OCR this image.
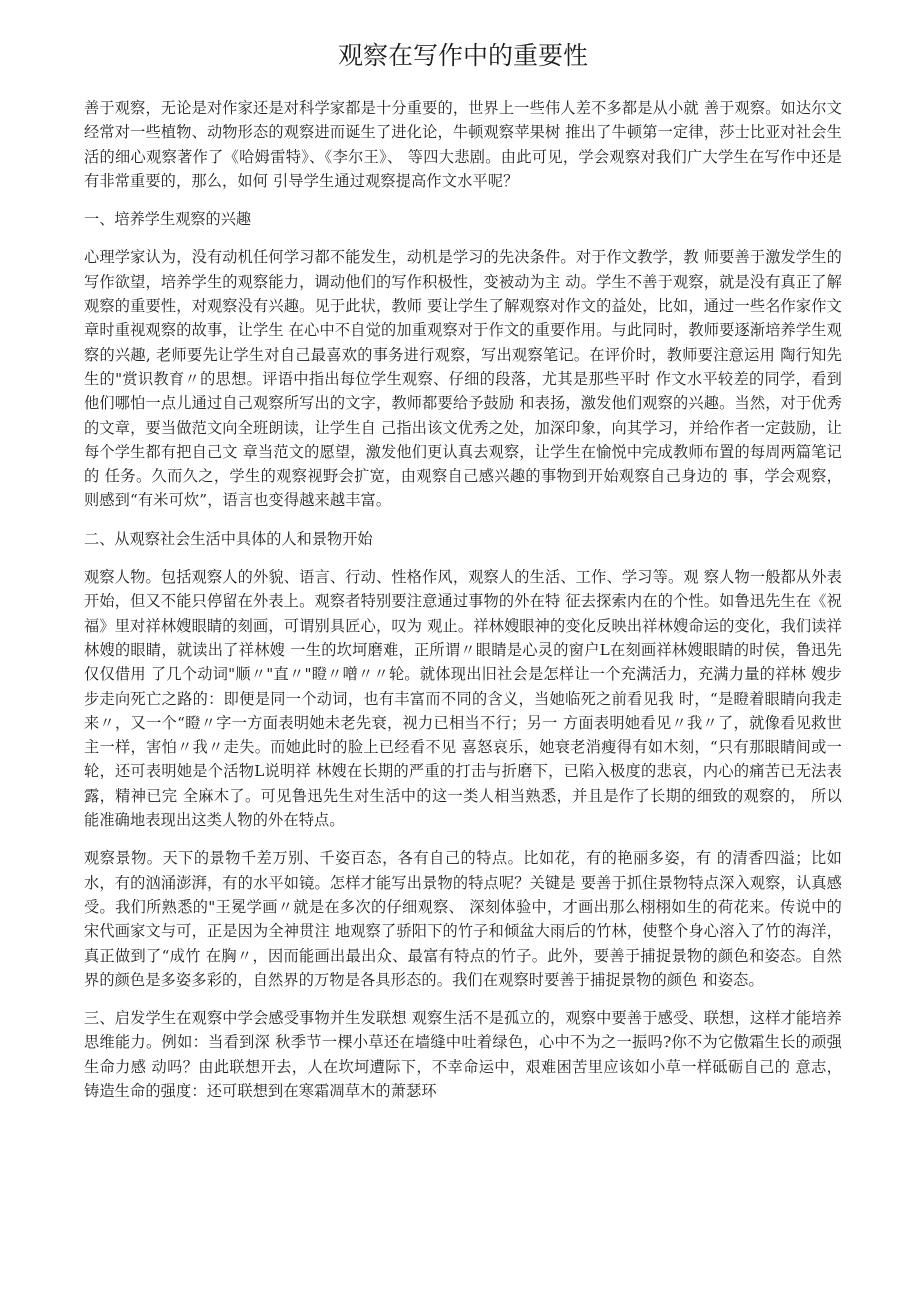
观察在写作中的重要性

善于观察，无论是对作家还是对科学家都是十分重要的，世界上一些伟人差不多都是从小就 善于观察。如达尔文经常对一些植物、动物形态的观察进而诞生了进化论，牛顿观察苹果树 推出了牛顿第一定律，莎士比亚对社会生活的细心观察著作了《哈姆雷特》、《李尔王》、 等四大悲剧。由此可见，学会观察对我们广大学生在写作中还是有非常重要的，那么，如何 引导学生通过观察提高作文水平呢？

一、培养学生观察的兴趣

心理学家认为，没有动机任何学习都不能发生，动机是学习的先决条件。对于作文教学，教 师要善于激发学生的写作欲望，培养学生的观察能力，调动他们的写作积极性，变被动为主 动。学生不善于观察，就是没有真正了解观察的重要性，对观察没有兴趣。见于此状，教师 要让学生了解观察对作文的益处，比如，通过一些名作家作文章时重视观察的故事，让学生 在心中不自觉的加重观察对于作文的重要作用。与此同时，教师要逐渐培养学生观察的兴趣, 老师要先让学生对自己最喜欢的事务进行观察，写出观察笔记。在评价时，教师要注意运用 陶行知先生的"赏识教育〃的思想。评语中指出每位学生观察、仔细的段落，尤其是那些平时 作文水平较差的同学，看到他们哪怕一点儿通过自己观察所写出的文字，教师都要给予鼓励 和表扬，激发他们观察的兴趣。当然，对于优秀的文章，要当做范文向全班朗读，让学生自 己指出该文优秀之处，加深印象，向其学习，并给作者一定鼓励，让每个学生都有把自己文 章当范文的愿望，激发他们更认真去观察，让学生在愉悦中完成教师布置的每周两篇笔记的 任务。久而久之，学生的观察视野会扩宽，由观察自己感兴趣的事物到开始观察自己身边的 事，学会观察，则感到“有米可炊”，语言也变得越来越丰富。

二、从观察社会生活中具体的人和景物开始

观察人物。包括观察人的外貌、语言、行动、性格作风，观察人的生活、工作、学习等。观 察人物一般都从外表开始，但又不能只停留在外表上。观察者特别要注意通过事物的外在特 征去探索内在的个性。如鲁迅先生在《祝福》里对祥林嫂眼睛的刻画，可谓别具匠心，叹为 观止。祥林嫂眼神的变化反映出祥林嫂命运的变化，我们读祥林嫂的眼睛，就读出了祥林嫂 一生的坎坷磨难，正所谓〃眼睛是心灵的窗户L在刻画祥林嫂眼睛的时侯，鲁迅先仅仅借用 了几个动词"顺〃"直〃"瞪〃噌〃〃轮。就体现出旧社会是怎样让一个充满活力，充满力量的祥林 嫂步步走向死亡之路的：即便是同一个动词，也有丰富而不同的含义，当她临死之前看见我 时，“是瞪着眼睛向我走来〃，又一个“瞪〃字一方面表明她未老先衰，视力已相当不行；另一 方面表明她看见〃我〃了，就像看见救世主一样，害怕〃我〃走失。而她此时的脸上已经看不见 喜怒哀乐，她衰老消瘦得有如木刻，“只有那眼睛间或一轮，还可表明她是个活物L说明祥 林嫂在长期的严重的打击与折磨下，已陷入极度的悲哀，内心的痛苦已无法表露，精神已完 全麻木了。可见鲁迅先生对生活中的这一类人相当熟悉，并且是作了长期的细致的观察的， 所以能准确地表现出这类人物的外在特点。

观察景物。天下的景物千差万别、千姿百态，各有自己的特点。比如花，有的艳丽多姿，有 的清香四溢；比如水，有的汹涌澎湃，有的水平如镜。怎样才能写出景物的特点呢？关键是 要善于抓住景物特点深入观察，认真感受。我们所熟悉的"王冕学画〃就是在多次的仔细观察、 深刻体验中，才画出那么栩栩如生的荷花来。传说中的宋代画家文与可，正是因为全神贯注 地观察了骄阳下的竹子和倾盆大雨后的竹林，使整个身心溶入了竹的海洋，真正做到了“成竹 在胸〃，因而能画出最出众、最富有特点的竹子。此外，要善于捕捉景物的颜色和姿态。自然 界的颜色是多姿多彩的，自然界的万物是各具形态的。我们在观察时要善于捕捉景物的颜色 和姿态。

三、启发学生在观察中学会感受事物并生发联想 观察生活不是孤立的，观察中要善于感受、联想，这样才能培养思维能力。例如：当看到深 秋季节一棵小草还在墙缝中吐着绿色，心中不为之一振吗?你不为它傲霜生长的顽强生命力感 动吗？由此联想开去，人在坎坷遭际下，不幸命运中，艰难困苦里应该如小草一样砥砺自己的 意志，铸造生命的强度：还可联想到在寒霜凋草木的萧瑟环
